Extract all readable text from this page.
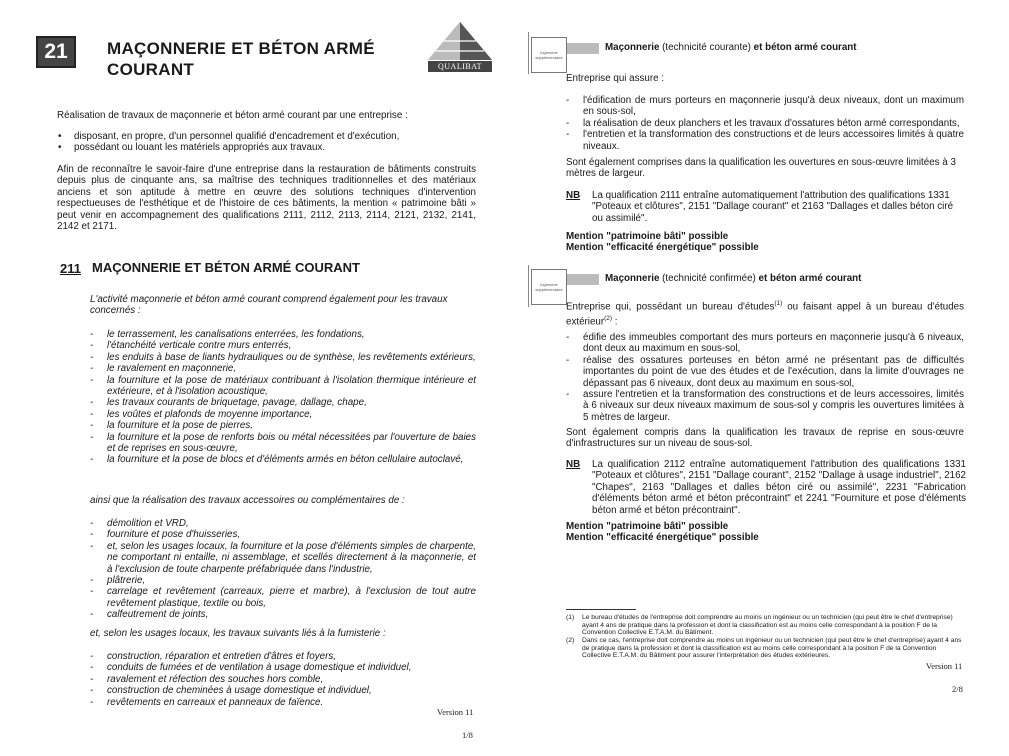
21	MAÇONNERIE ET BÉTON ARMÉ
COURANT	QUALIBAT
Réalisation de travaux de maçonnerie et béton armé courant par une entreprise :
• disposant, en propre, d'un personnel qualifié d'encadrement et d'exécution,
• possédant ou louant les matériels appropriés aux travaux.
Afin de reconnaître le savoir-faire d'une entreprise dans la restauration de bâtiments construits depuis plus de cinquante ans, sa maîtrise des techniques traditionnelles et des matériaux anciens et son aptitude à mettre en œuvre des solutions techniques d'intervention respectueuses de l'esthétique et de l'histoire de ces bâtiments, la mention « patrimoine bâti » peut venir en accompagnement des qualifications 2111, 2112, 2113, 2114, 2121, 2132, 2141, 2142 et 2171.
211 MAÇONNERIE ET BÉTON ARMÉ COURANT
L'activité maçonnerie et béton armé courant comprend également pour les travaux concernés :
- le terrassement, les canalisations enterrées, les fondations,
- l'étanchéité verticale contre murs enterrés,
- les enduits à base de liants hydrauliques ou de synthèse, les revêtements extérieurs,
- le ravalement en maçonnerie,
- la fourniture et la pose de matériaux contribuant à l'isolation thermique intérieure et extérieure, et à l'isolation acoustique,
- les travaux courants de briquetage, pavage, dallage, chape,
- les voûtes et plafonds de moyenne importance,
- la fourniture et la pose de pierres,
- la fourniture et la pose de renforts bois ou métal nécessitées par l'ouverture de baies et de reprises en sous-œuvre,
- la fourniture et la pose de blocs et d'éléments armés en béton cellulaire autoclavé,
ainsi que la réalisation des travaux accessoires ou complémentaires de :
- démolition et VRD,
- fourniture et pose d'huisseries,
- et, selon les usages locaux, la fourniture et la pose d'éléments simples de charpente, ne comportant ni entaille, ni assemblage, et scellés directement à la maçonnerie, et à l'exclusion de toute charpente préfabriquée dans l'industrie,
- plâtrerie,
- carrelage et revêtement (carreaux, pierre et marbre), à l'exclusion de tout autre revêtement plastique, textile ou bois,
- calfeutrement de joints,
et, selon les usages locaux, les travaux suivants liés à la fumisterie :
- construction, réparation et entretien d'âtres et foyers,
- conduits de fumées et de ventilation à usage domestique et individuel,
- ravalement et réfection des souches hors comble,
- construction de cheminées à usage domestique et individuel,
- revêtements en carreaux et panneaux de faïence.
Version 11
1/8
Ingénierie supplémentaire
Maçonnerie (technicité courante) et béton armé courant
Entreprise qui assure :
- l'édification de murs porteurs en maçonnerie jusqu'à deux niveaux, dont un maximum en sous-sol,
- la réalisation de deux planchers et les travaux d'ossatures béton armé correspondants,
- l'entretien et la transformation des constructions et de leurs accessoires limités à quatre niveaux.
Sont également comprises dans la qualification les ouvertures en sous-œuvre limitées à 3 mètres de largeur.
NB La qualification 2111 entraîne automatiquement l'attribution des qualifications 1331 "Poteaux et clôtures", 2151 "Dallage courant" et 2163 "Dallages et dalles béton ciré ou assimilé".
Mention "patrimoine bâti" possible
Mention "efficacité énergétique" possible
Ingénierie supplémentaire
Maçonnerie (technicité confirmée) et béton armé courant
Entreprise qui, possédant un bureau d'études$^{(1)}$ ou faisant appel à un bureau d'études extérieur$^{(2)}$ :
- édifie des immeubles comportant des murs porteurs en maçonnerie jusqu'à 6 niveaux, dont deux au maximum en sous-sol,
- réalise des ossatures porteuses en béton armé ne présentant pas de difficultés importantes du point de vue des études et de l'exécution, dans la limite d'ouvrages ne dépassant pas 6 niveaux, dont deux au maximum en sous-sol,
- assure l'entretien et la transformation des constructions et de leurs accessoires, limités à 6 niveaux sur deux niveaux maximum de sous-sol y compris les ouvertures limitées à 5 mètres de largeur.
Sont également compris dans la qualification les travaux de reprise en sous-œuvre d'infrastructures sur un niveau de sous-sol.
NB La qualification 2112 entraîne automatiquement l'attribution des qualifications 1331 "Poteaux et clôtures", 2151 "Dallage courant", 2152 "Dallage à usage industriel", 2162 "Chapes", 2163 "Dallages et dalles béton ciré ou assimilé", 2231 "Fabrication d'éléments béton armé et béton précontraint" et 2241 "Fourniture et pose d'éléments béton armé et béton précontraint".
Mention "patrimoine bâti" possible
Mention "efficacité énergétique" possible
(1) Le bureau d'études de l'entreprise doit comprendre au moins un ingénieur ou un technicien (qui peut être le chef d'entreprise) ayant 4 ans de pratique dans la profession et dont la classification est au moins celle correspondant à la position F de la Convention Collective E.T.A.M. du Bâtiment.
(2) Dans ce cas, l'entreprise doit comprendre au moins un ingénieur ou un technicien (qui peut être le chef d'entreprise) ayant 4 ans de pratique dans la profession et dont la classification est au moins celle correspondant à la position F de la Convention Collective E.T.A.M. du Bâtiment pour assurer l'interprétation des études extérieures.
Version 11
2/8
